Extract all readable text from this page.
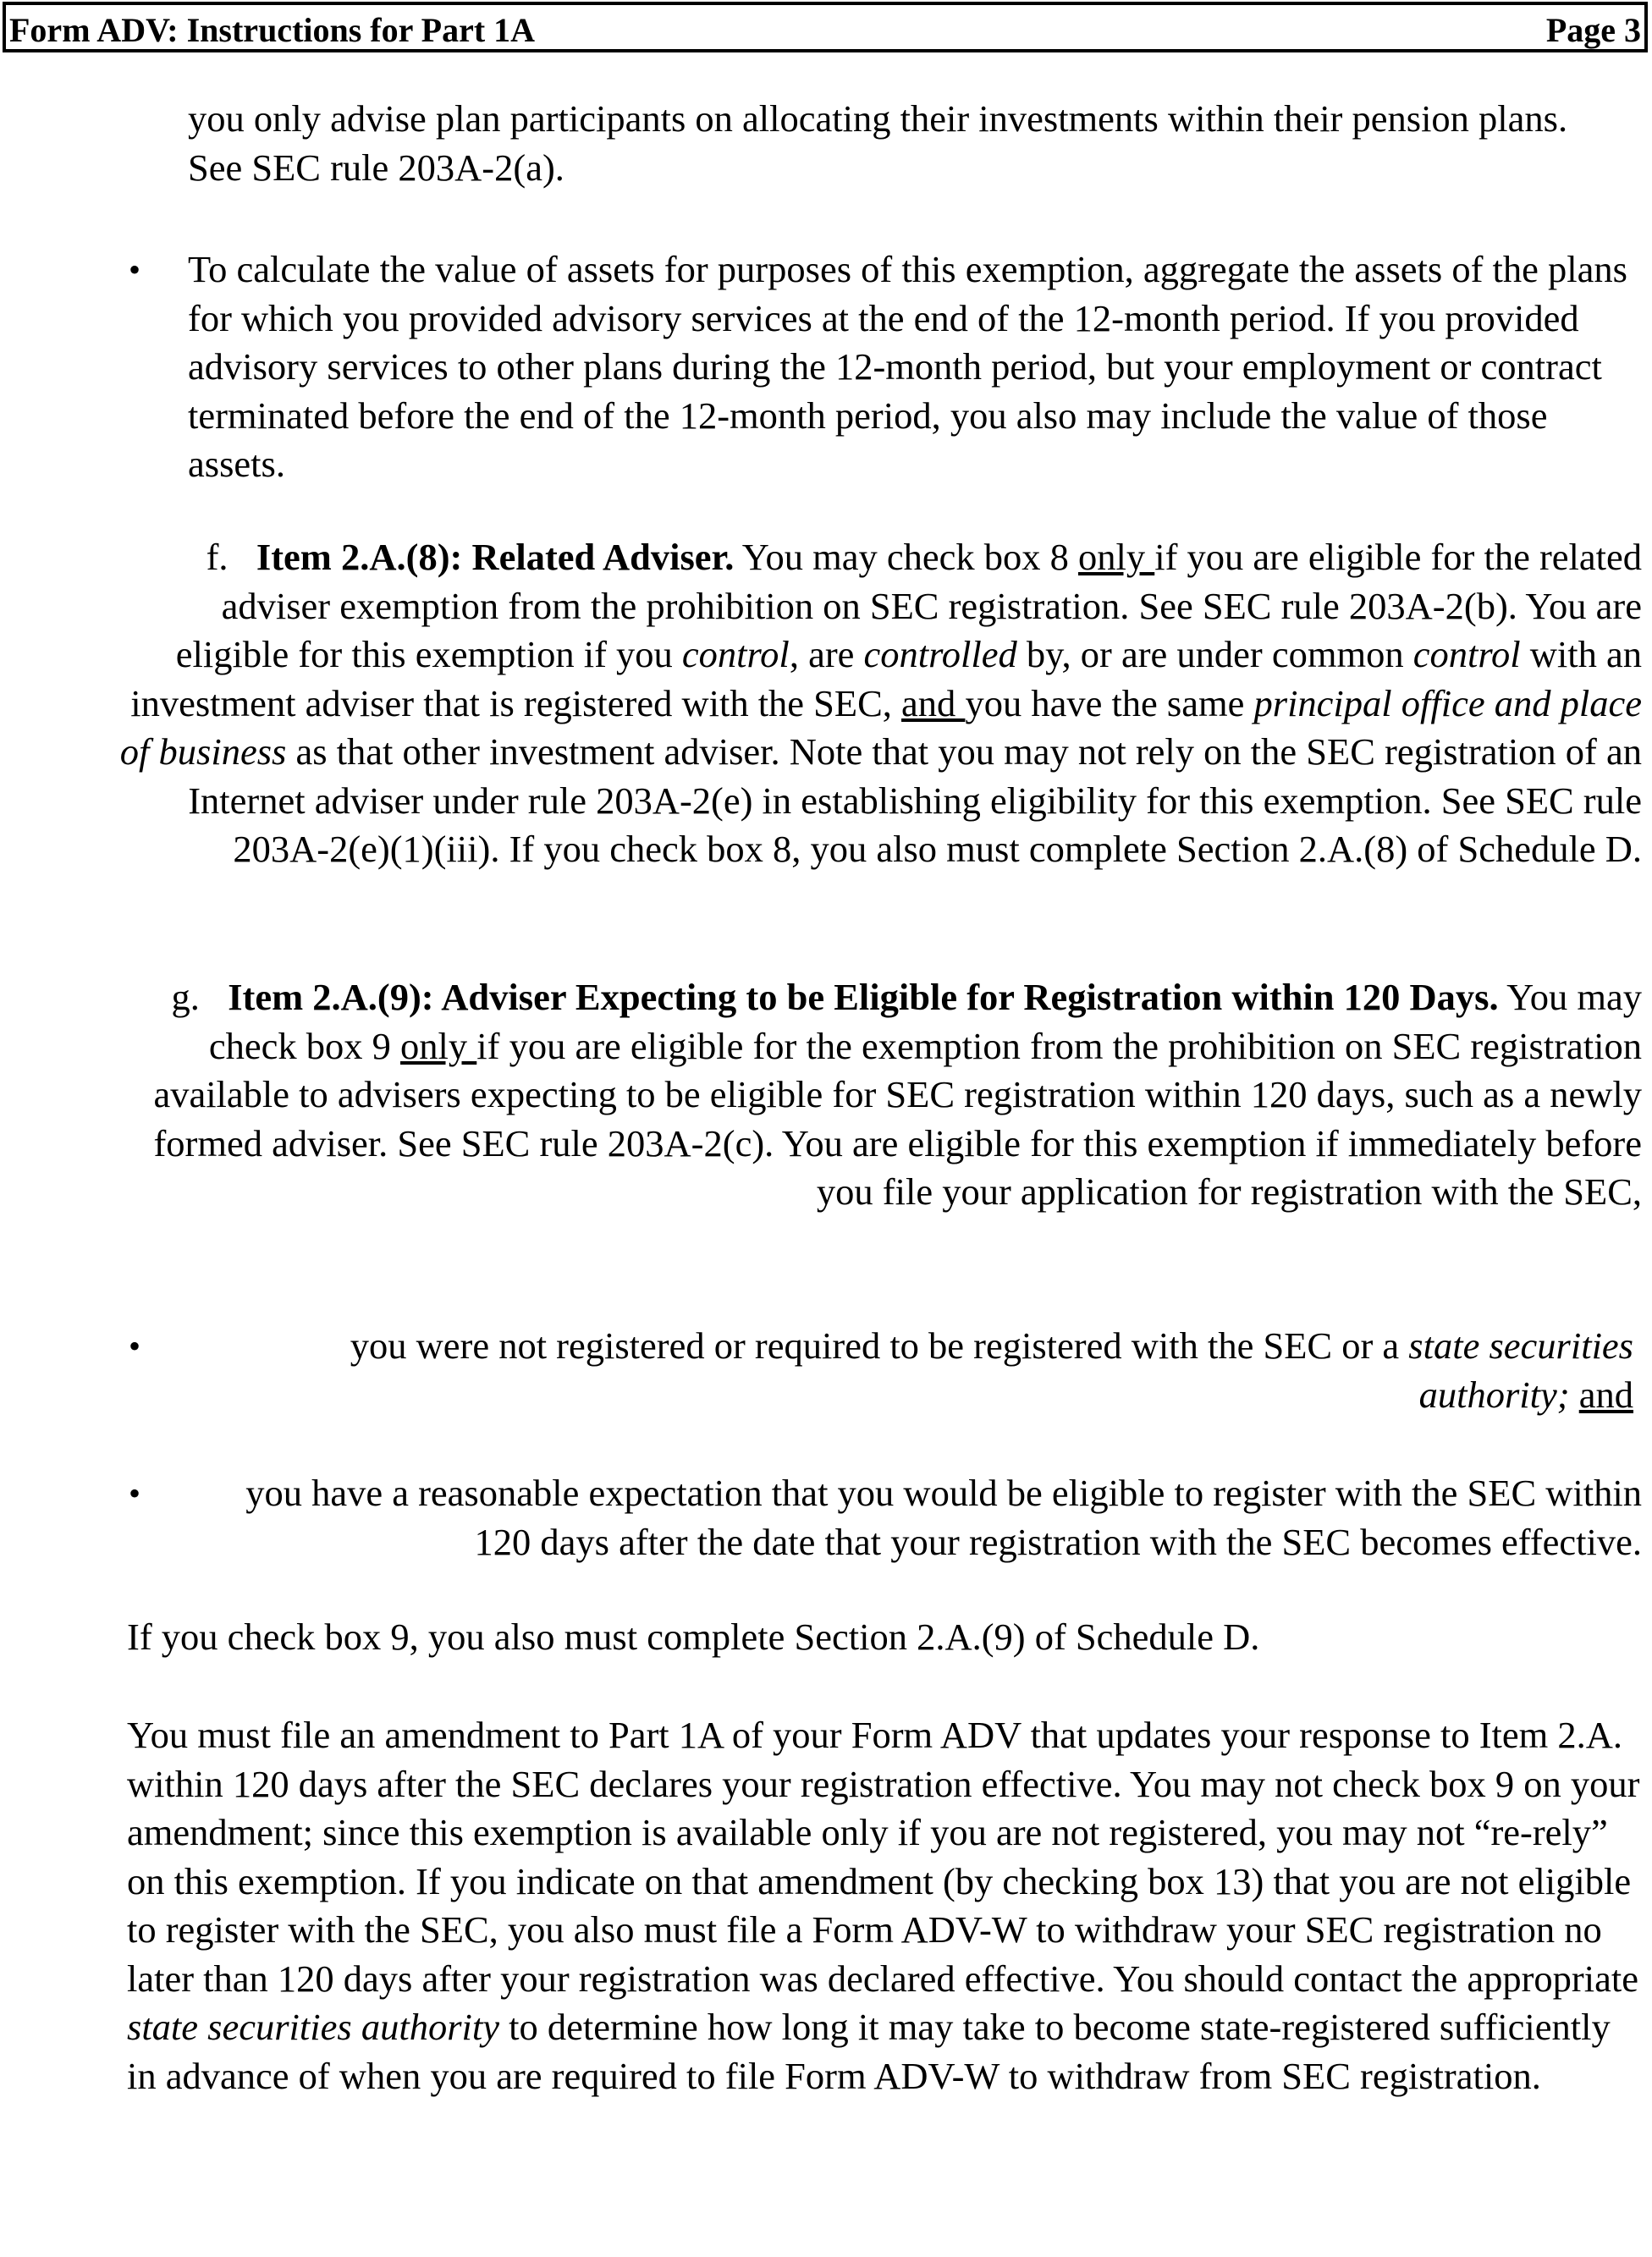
Form ADV: Instructions for Part 1A	Page 3

you only advise plan participants on allocating their investments within their pension plans. See SEC rule 203A-2(a).

• To calculate the value of assets for purposes of this exemption, aggregate the assets of the plans for which you provided advisory services at the end of the 12-month period. If you provided advisory services to other plans during the 12-month period, but your employment or contract terminated before the end of the 12-month period, you also may include the value of those assets.

f. Item 2.A.(8): Related Adviser. You may check box 8 only if you are eligible for the related adviser exemption from the prohibition on SEC registration. See SEC rule 203A-2(b). You are eligible for this exemption if you control, are controlled by, or are under common control with an investment adviser that is registered with the SEC, and you have the same principal office and place of business as that other investment adviser. Note that you may not rely on the SEC registration of an Internet adviser under rule 203A-2(e) in establishing eligibility for this exemption. See SEC rule 203A-2(e)(1)(iii). If you check box 8, you also must complete Section 2.A.(8) of Schedule D.

g. Item 2.A.(9): Adviser Expecting to be Eligible for Registration within 120 Days. You may check box 9 only if you are eligible for the exemption from the prohibition on SEC registration available to advisers expecting to be eligible for SEC registration within 120 days, such as a newly formed adviser. See SEC rule 203A-2(c). You are eligible for this exemption if immediately before you file your application for registration with the SEC,

•	you were not registered or required to be registered with the SEC or a state securities authority; and

•	you have a reasonable expectation that you would be eligible to register with the SEC within 120 days after the date that your registration with the SEC becomes effective.

If you check box 9, you also must complete Section 2.A.(9) of Schedule D.

You must file an amendment to Part 1A of your Form ADV that updates your response to Item 2.A. within 120 days after the SEC declares your registration effective. You may not check box 9 on your amendment; since this exemption is available only if you are not registered, you may not “re-rely” on this exemption. If you indicate on that amendment (by checking box 13) that you are not eligible to register with the SEC, you also must file a Form ADV-W to withdraw your SEC registration no later than 120 days after your registration was declared effective. You should contact the appropriate state securities authority to determine how long it may take to become state-registered sufficiently in advance of when you are required to file Form ADV-W to withdraw from SEC registration.
